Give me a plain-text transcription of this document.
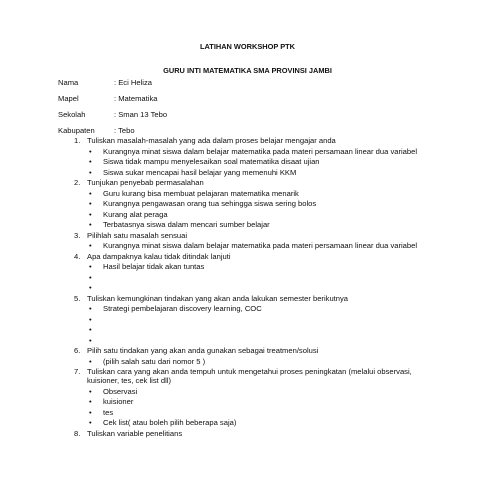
LATIHAN WORKSHOP PTK
GURU INTI MATEMATIKA SMA PROVINSI JAMBI
Nama	: Eci Heliza
Mapel	: Matematika
Sekolah	: Sman 13 Tebo
Kabupaten	: Tebo
1. Tuliskan masalah-masalah yang ada dalam proses belajar mengajar anda
• Kurangnya minat siswa dalam belajar matematika pada materi persamaan linear dua variabel
• Siswa tidak mampu menyelesaikan soal matematika disaat ujian
• Siswa sukar mencapai hasil belajar yang memenuhi KKM
2. Tunjukan penyebab permasalahan
• Guru kurang bisa membuat pelajaran matematika menarik
• Kurangnya pengawasan orang tua sehingga siswa sering bolos
• Kurang alat peraga
• Terbatasnya siswa dalam mencari sumber belajar
3. Pilihlah satu masalah sensuai
• Kurangnya minat siswa dalam belajar matematika pada materi persamaan linear dua variabel
4. Apa dampaknya kalau tidak ditindak lanjuti
• Hasil belajar tidak akan tuntas
•
•
5. Tuliskan kemungkinan tindakan yang akan anda lakukan semester berikutnya
• Strategi pembelajaran discovery learning, COC
•
•
•
6. Pilih satu tindakan yang akan anda gunakan sebagai treatmen/solusi
• (pilih salah satu dari nomor 5 )
7. Tuliskan cara yang akan anda tempuh untuk mengetahui proses peningkatan (melalui observasi, kuisioner, tes, cek list dll)
• Observasi
• kuisioner
• tes
• Cek list( atau boleh pilih beberapa saja)
8. Tuliskan variable penelitians
